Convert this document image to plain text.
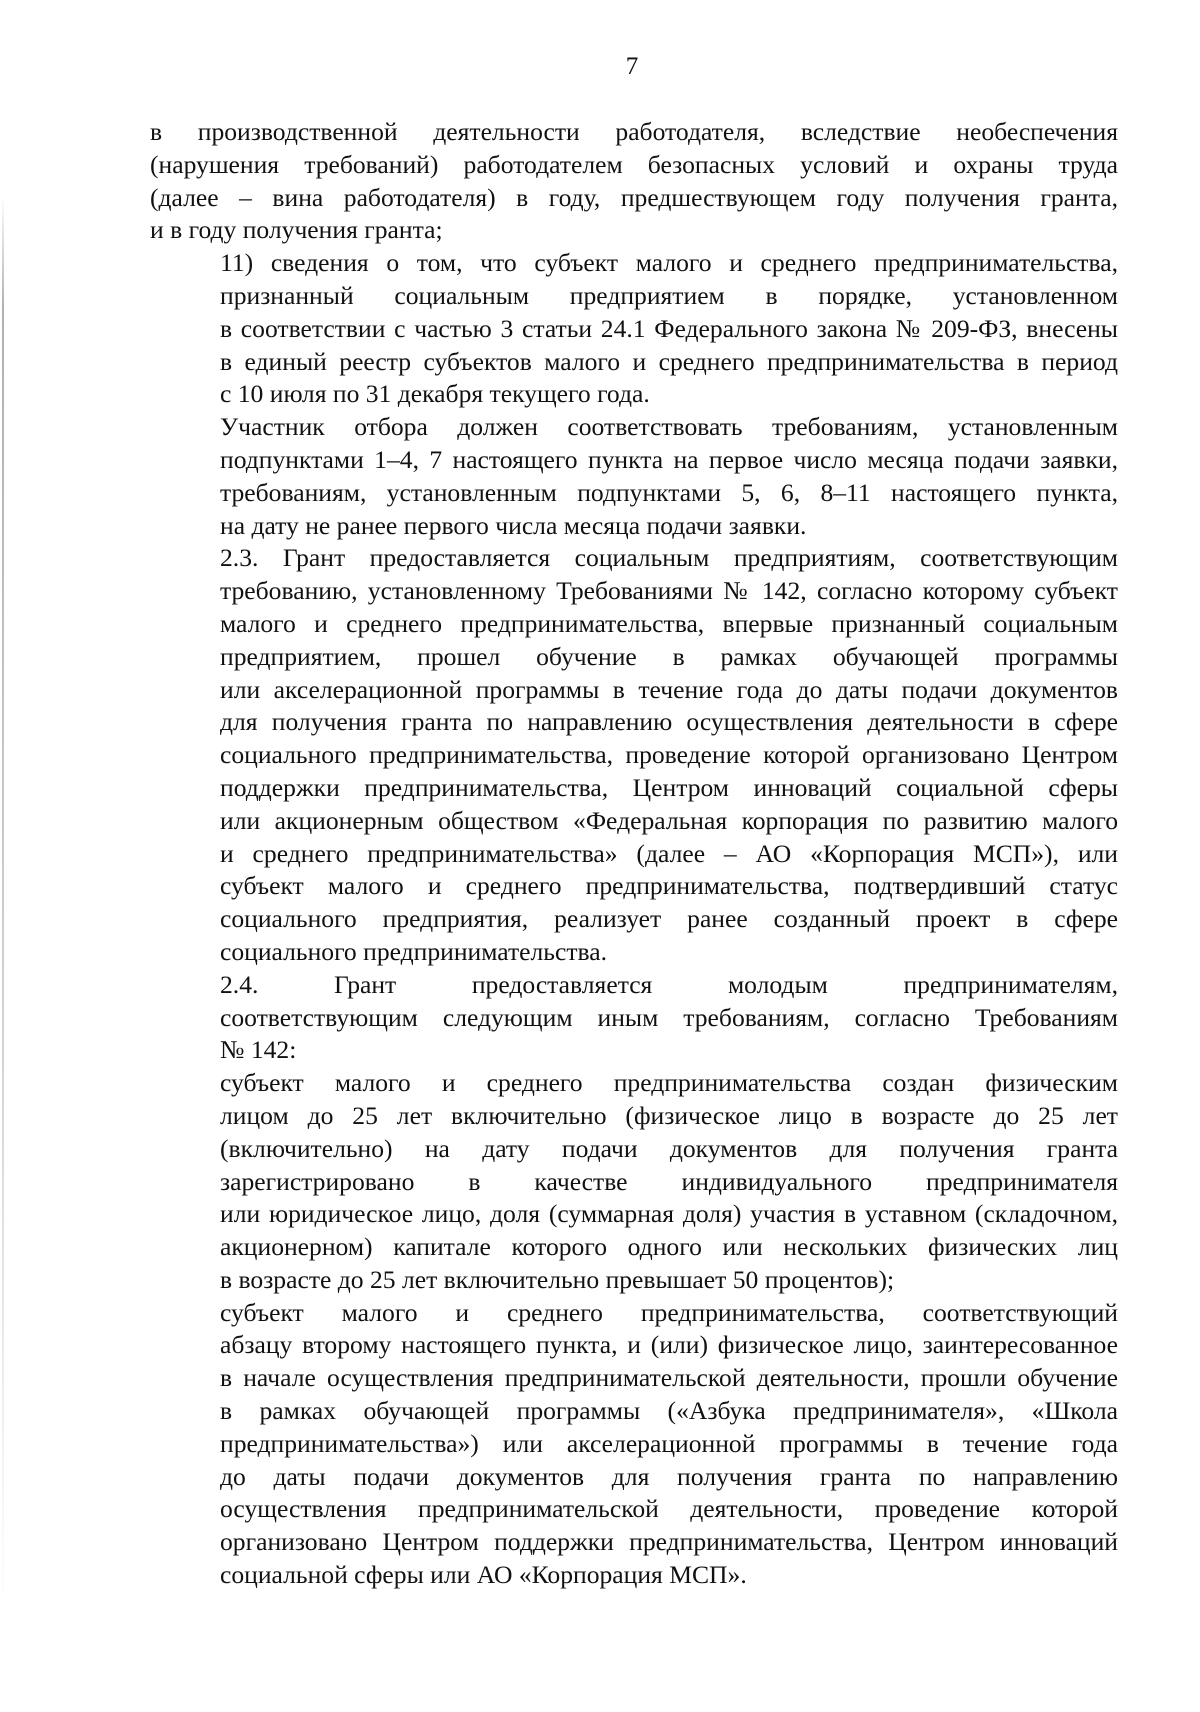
7

в производственной деятельности работодателя, вследствие необеспечения
(нарушения требований) работодателем безопасных условий и охраны труда
(далее – вина работодателя) в году, предшествующем году получения гранта,
и в году получения гранта;

11) сведения о том, что субъект малого и среднего предпринимательства,
признанный социальным предприятием в порядке, установленном
в соответствии с частью 3 статьи 24.1 Федерального закона № 209-ФЗ, внесены
в единый реестр субъектов малого и среднего предпринимательства в период
с 10 июля по 31 декабря текущего года.

Участник отбора должен соответствовать требованиям, установленным
подпунктами 1–4, 7 настоящего пункта на первое число месяца подачи заявки,
требованиям, установленным подпунктами 5, 6, 8–11 настоящего пункта,
на дату не ранее первого числа месяца подачи заявки.

2.3. Грант предоставляется социальным предприятиям, соответствующим
требованию, установленному Требованиями № 142, согласно которому субъект
малого и среднего предпринимательства, впервые признанный социальным
предприятием, прошел обучение в рамках обучающей программы
или акселерационной программы в течение года до даты подачи документов
для получения гранта по направлению осуществления деятельности в сфере
социального предпринимательства, проведение которой организовано Центром
поддержки предпринимательства, Центром инноваций социальной сферы
или акционерным обществом «Федеральная корпорация по развитию малого
и среднего предпринимательства» (далее – АО «Корпорация МСП»), или
субъект малого и среднего предпринимательства, подтвердивший статус
социального предприятия, реализует ранее созданный проект в сфере
социального предпринимательства.

2.4. Грант предоставляется молодым предпринимателям,
соответствующим следующим иным требованиям, согласно Требованиям
№ 142:

субъект малого и среднего предпринимательства создан физическим
лицом до 25 лет включительно (физическое лицо в возрасте до 25 лет
(включительно) на дату подачи документов для получения гранта
зарегистрировано в качестве индивидуального предпринимателя
или юридическое лицо, доля (суммарная доля) участия в уставном (складочном,
акционерном) капитале которого одного или нескольких физических лиц
в возрасте до 25 лет включительно превышает 50 процентов);

субъект малого и среднего предпринимательства, соответствующий
абзацу второму настоящего пункта, и (или) физическое лицо, заинтересованное
в начале осуществления предпринимательской деятельности, прошли обучение
в рамках обучающей программы («Азбука предпринимателя», «Школа
предпринимательства») или акселерационной программы в течение года
до даты подачи документов для получения гранта по направлению
осуществления предпринимательской деятельности, проведение которой
организовано Центром поддержки предпринимательства, Центром инноваций
социальной сферы или АО «Корпорация МСП».
